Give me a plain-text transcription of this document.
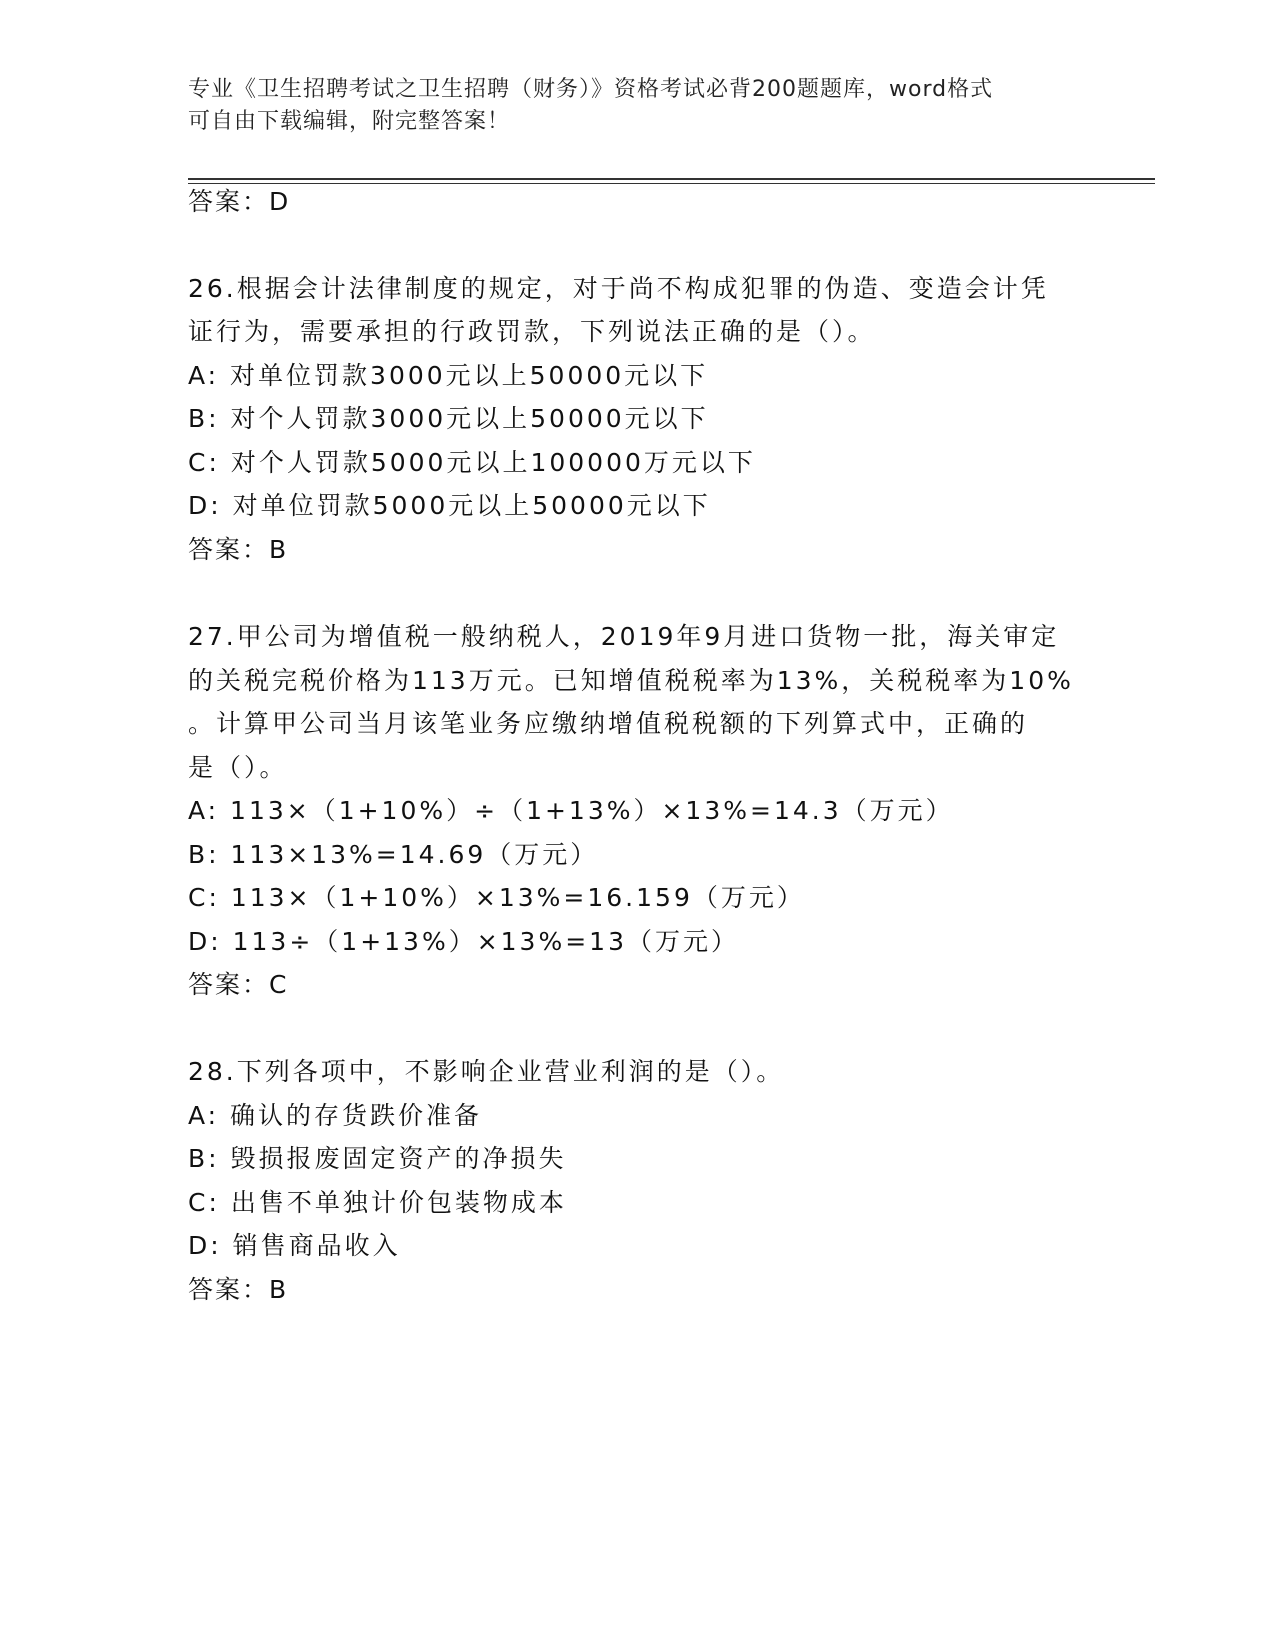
专业《卫生招聘考试之卫生招聘（财务）》资格考试必背200题题库，word格式

可自由下载编辑，附完整答案！

答案：D
26.根据会计法律制度的规定，对于尚不构成犯罪的伪造、变造会计凭
证行为，需要承担的行政罚款，下列说法正确的是（）。
A: 对单位罚款3000元以上50000元以下
B: 对个人罚款3000元以上50000元以下
C: 对个人罚款5000元以上100000万元以下
D: 对单位罚款5000元以上50000元以下
答案：B
27.甲公司为增值税一般纳税人，2019年9月进口货物一批，海关审定
的关税完税价格为113万元。已知增值税税率为13%，关税税率为10%
。计算甲公司当月该笔业务应缴纳增值税税额的下列算式中，正确的
是（）。
A: 113×（1+10%）÷（1+13%）×13%=14.3（万元）
B: 113×13%=14.69（万元）
C: 113×（1+10%）×13%=16.159（万元）
D: 113÷（1+13%）×13%=13（万元）
答案：C
28.下列各项中，不影响企业营业利润的是（）。
A: 确认的存货跌价准备
B: 毁损报废固定资产的净损失
C: 出售不单独计价包装物成本
D: 销售商品收入
答案：B
